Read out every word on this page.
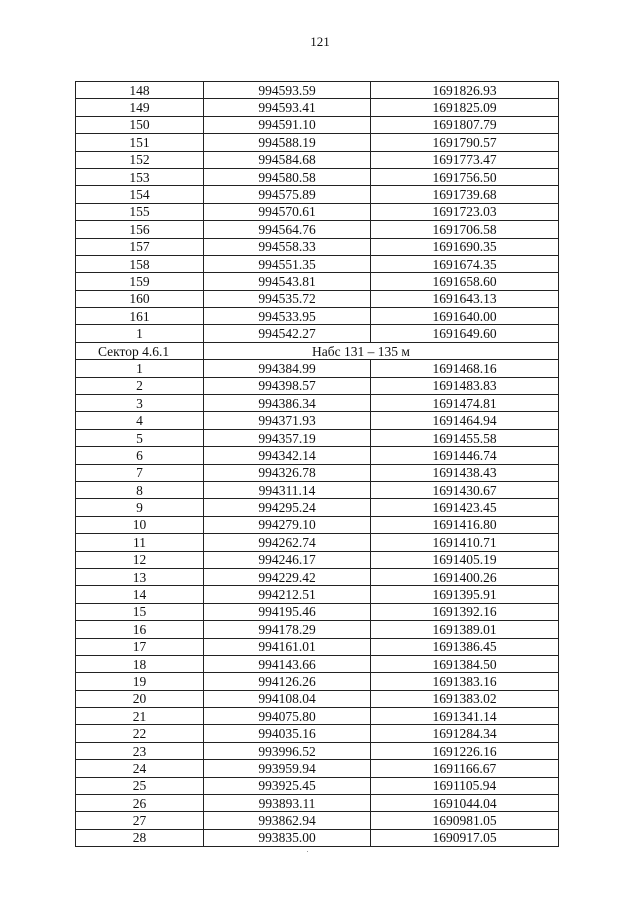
121
148	994593.59	1691826.93
149	994593.41	1691825.09
150	994591.10	1691807.79
151	994588.19	1691790.57
152	994584.68	1691773.47
153	994580.58	1691756.50
154	994575.89	1691739.68
155	994570.61	1691723.03
156	994564.76	1691706.58
157	994558.33	1691690.35
158	994551.35	1691674.35
159	994543.81	1691658.60
160	994535.72	1691643.13
161	994533.95	1691640.00
1	994542.27	1691649.60
Сектор 4.6.1	Набс 131 – 135 м	
1	994384.99	1691468.16
2	994398.57	1691483.83
3	994386.34	1691474.81
4	994371.93	1691464.94
5	994357.19	1691455.58
6	994342.14	1691446.74
7	994326.78	1691438.43
8	994311.14	1691430.67
9	994295.24	1691423.45
10	994279.10	1691416.80
11	994262.74	1691410.71
12	994246.17	1691405.19
13	994229.42	1691400.26
14	994212.51	1691395.91
15	994195.46	1691392.16
16	994178.29	1691389.01
17	994161.01	1691386.45
18	994143.66	1691384.50
19	994126.26	1691383.16
20	994108.04	1691383.02
21	994075.80	1691341.14
22	994035.16	1691284.34
23	993996.52	1691226.16
24	993959.94	1691166.67
25	993925.45	1691105.94
26	993893.11	1691044.04
27	993862.94	1690981.05
28	993835.00	1690917.05
